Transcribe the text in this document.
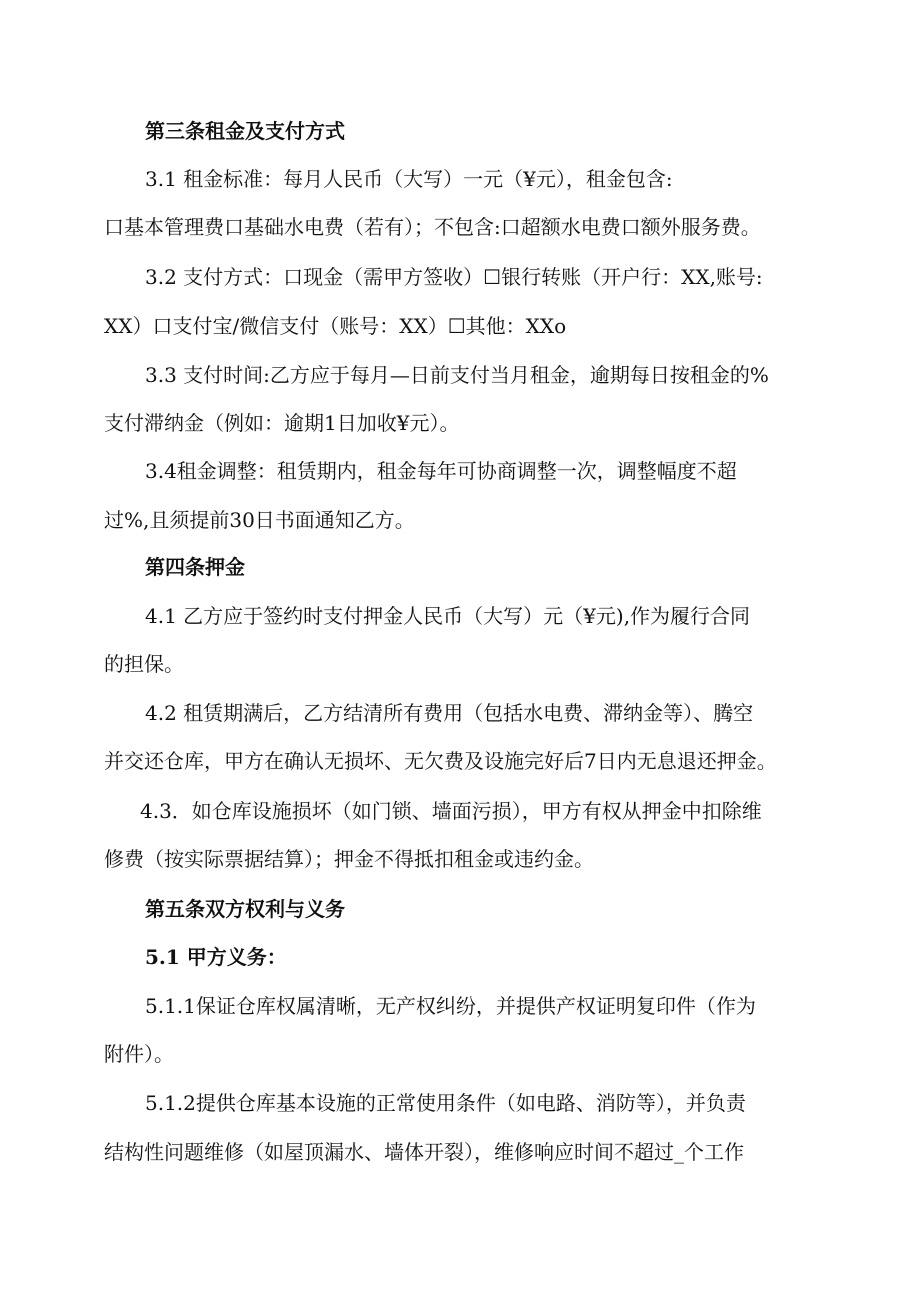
第三条租金及支付方式
3.1 租金标准：每月人民币（大写）一元（¥元），租金包含:
口基本管理费口基础水电费（若有）；不包含:口超额水电费口额外服务费。
3.2 支付方式：口现金（需甲方签收）☐银行转账（开户行：XX,账号:
XX）口支付宝/微信支付（账号：XX）☐其他：XXo
3.3 支付时间:乙方应于每月—日前支付当月租金，逾期每日按租金的%
支付滞纳金（例如：逾期1日加收¥元）。
3.4租金调整：租赁期内，租金每年可协商调整一次，调整幅度不超
过%,且须提前30日书面通知乙方。
第四条押金
4.1 乙方应于签约时支付押金人民币（大写）元（¥元),作为履行合同
的担保。
4.2 租赁期满后，乙方结清所有费用（包括水电费、滞纳金等）、腾空
并交还仓库，甲方在确认无损坏、无欠费及设施完好后7日内无息退还押金。
4.3．如仓库设施损坏（如门锁、墙面污损），甲方有权从押金中扣除维
修费（按实际票据结算）；押金不得抵扣租金或违约金。
第五条双方权利与义务
5.1 甲方义务：
5.1.1保证仓库权属清晰，无产权纠纷，并提供产权证明复印件（作为
附件）。
5.1.2提供仓库基本设施的正常使用条件（如电路、消防等），并负责
结构性问题维修（如屋顶漏水、墙体开裂），维修响应时间不超过_个工作
